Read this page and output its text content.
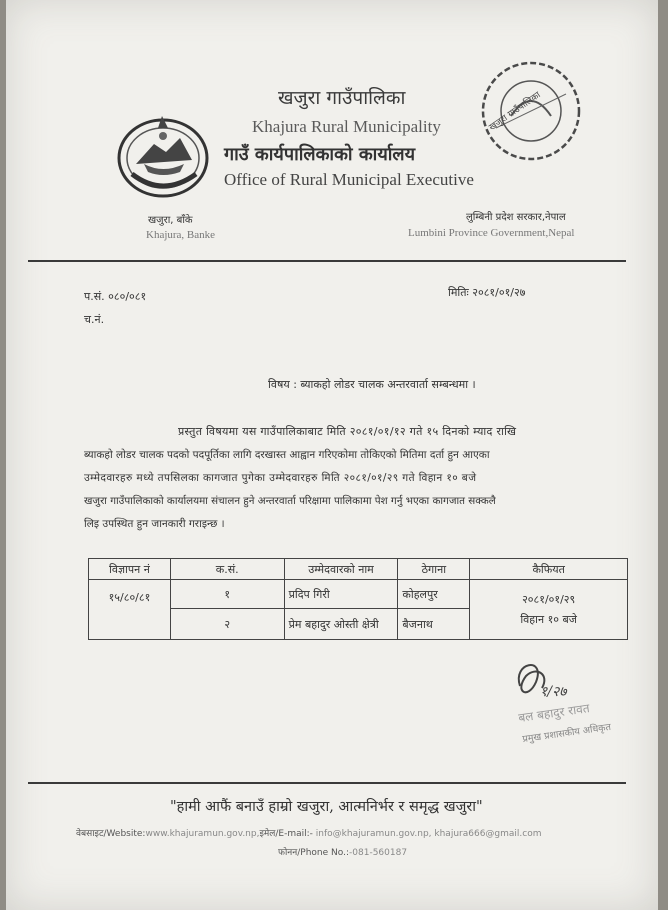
खजुरा गाउँपालिका
Khajura Rural Municipality
गाउँ कार्यपालिकाको कार्यालय
Office of Rural Municipal Executive
खजुरा गाउँपालिका
खजुरा, बाँके
Khajura, Banke
लुम्बिनी प्रदेश सरकार,नेपाल
Lumbini Province Government,Nepal
प.सं. ०८०/०८१
च.नं.
मितिः २०८१/०१/२७
विषय : ब्याकहो लोडर चालक अन्तरवार्ता सम्बन्धमा ।
प्रस्तुत विषयमा यस गाउँपालिकाबाट मिति २०८१/०१/१२ गते १५ दिनको म्याद राखि
ब्याकहो लोडर चालक पदको पदपूर्तिका लागि दरखास्त आह्वान गरिएकोमा तोकिएको मितिमा दर्ता हुन आएका
उम्मेदवारहरु मध्ये तपसिलका कागजात पुगेका उम्मेदवारहरु मिति २०८१/०१/२९ गते विहान १० बजे
खजुरा गाउँपालिकाको कार्यालयमा संचालन हुने अन्तरवार्ता परिक्षामा पालिकामा पेश गर्नु भएका कागजात सक्कलै
लिइ उपस्थित हुन जानकारी गराइन्छ ।
विज्ञापन नं	क.सं.	उम्मेदवारको नाम	ठेगाना	कैफियत
१५/८०/८१	१	प्रदिप गिरी	कोहलपुर	२०८१/०१/२९
विहान १० बजे

	२	प्रेम बहादुर ओस्ती क्षेत्री	बैजनाथ	
१/२७
बल बहादुर रावत
प्रमुख प्रशासकीय अधिकृत
"हामी आफैं बनाउँ हाम्रो खजुरा, आत्मनिर्भर र समृद्ध खजुरा"
वेबसाइट/Website:www.khajuramun.gov.np,इमेल/E-mail:- info@khajuramun.gov.np, khajura666@gmail.com
फोनन/Phone No.:-081-560187
